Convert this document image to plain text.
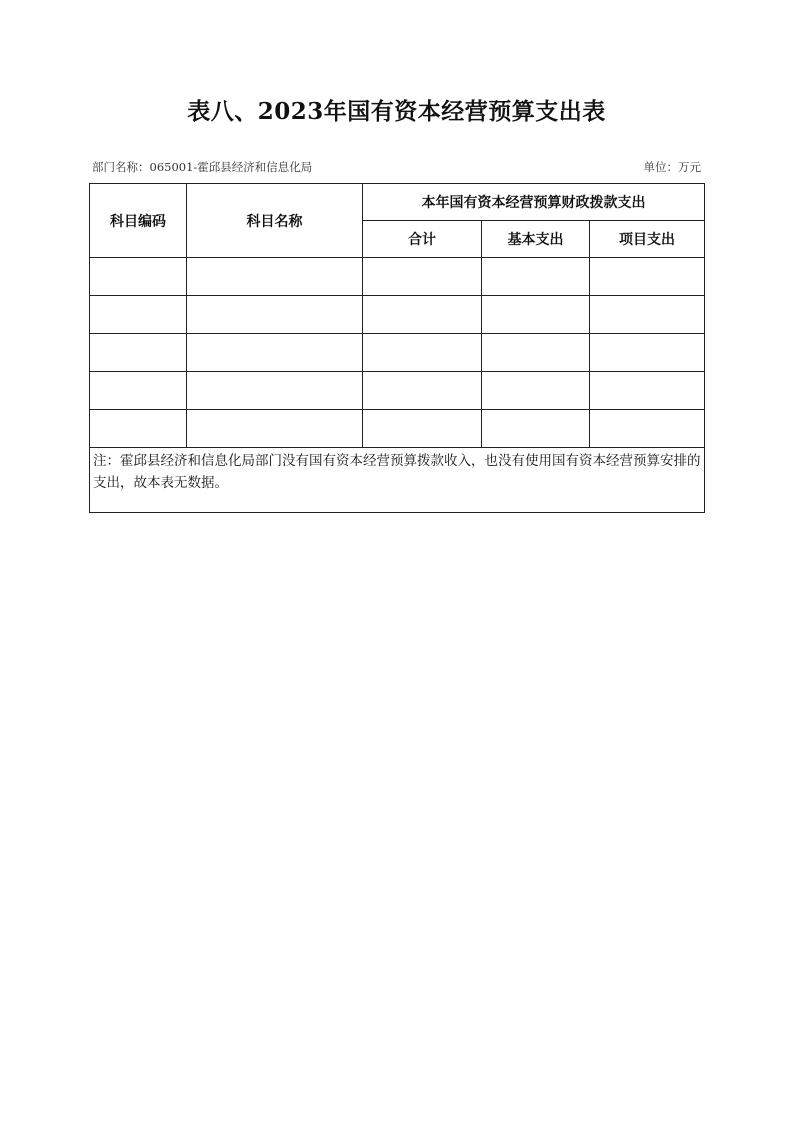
表八、2023年国有资本经营预算支出表
部门名称：065001-霍邱县经济和信息化局	单位：万元
科目编码	科目名称	本年国有资本经营预算财政拨款支出		
		合计	基本支出	项目支出

注：霍邱县经济和信息化局部门没有国有资本经营预算拨款收入，也没有使用国有资本经营预算安排的支出，故本表无数据。				
